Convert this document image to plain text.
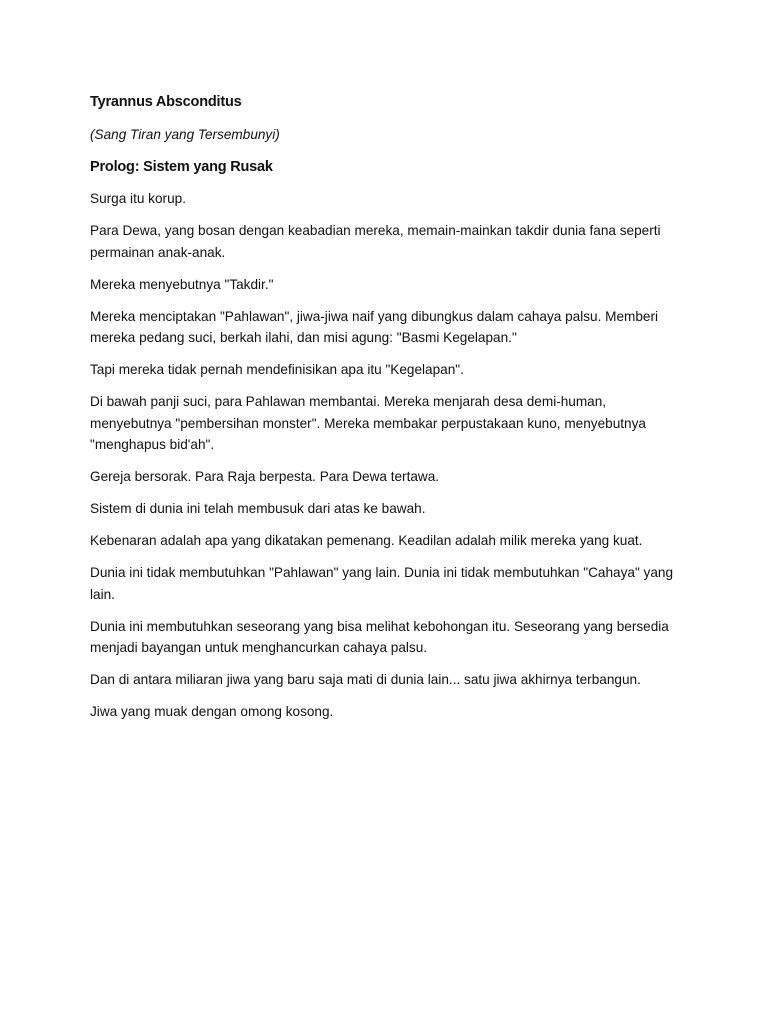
Tyrannus Absconditus

(Sang Tiran yang Tersembunyi)

Prolog: Sistem yang Rusak

Surga itu korup.

Para Dewa, yang bosan dengan keabadian mereka, memain-mainkan takdir dunia fana seperti permainan anak-anak.

Mereka menyebutnya "Takdir."

Mereka menciptakan "Pahlawan", jiwa-jiwa naif yang dibungkus dalam cahaya palsu. Memberi mereka pedang suci, berkah ilahi, dan misi agung: "Basmi Kegelapan."

Tapi mereka tidak pernah mendefinisikan apa itu "Kegelapan".

Di bawah panji suci, para Pahlawan membantai. Mereka menjarah desa demi-human, menyebutnya "pembersihan monster". Mereka membakar perpustakaan kuno, menyebutnya "menghapus bid'ah".

Gereja bersorak. Para Raja berpesta. Para Dewa tertawa.

Sistem di dunia ini telah membusuk dari atas ke bawah.

Kebenaran adalah apa yang dikatakan pemenang. Keadilan adalah milik mereka yang kuat.

Dunia ini tidak membutuhkan "Pahlawan" yang lain. Dunia ini tidak membutuhkan "Cahaya" yang lain.

Dunia ini membutuhkan seseorang yang bisa melihat kebohongan itu. Seseorang yang bersedia menjadi bayangan untuk menghancurkan cahaya palsu.

Dan di antara miliaran jiwa yang baru saja mati di dunia lain... satu jiwa akhirnya terbangun.

Jiwa yang muak dengan omong kosong.
